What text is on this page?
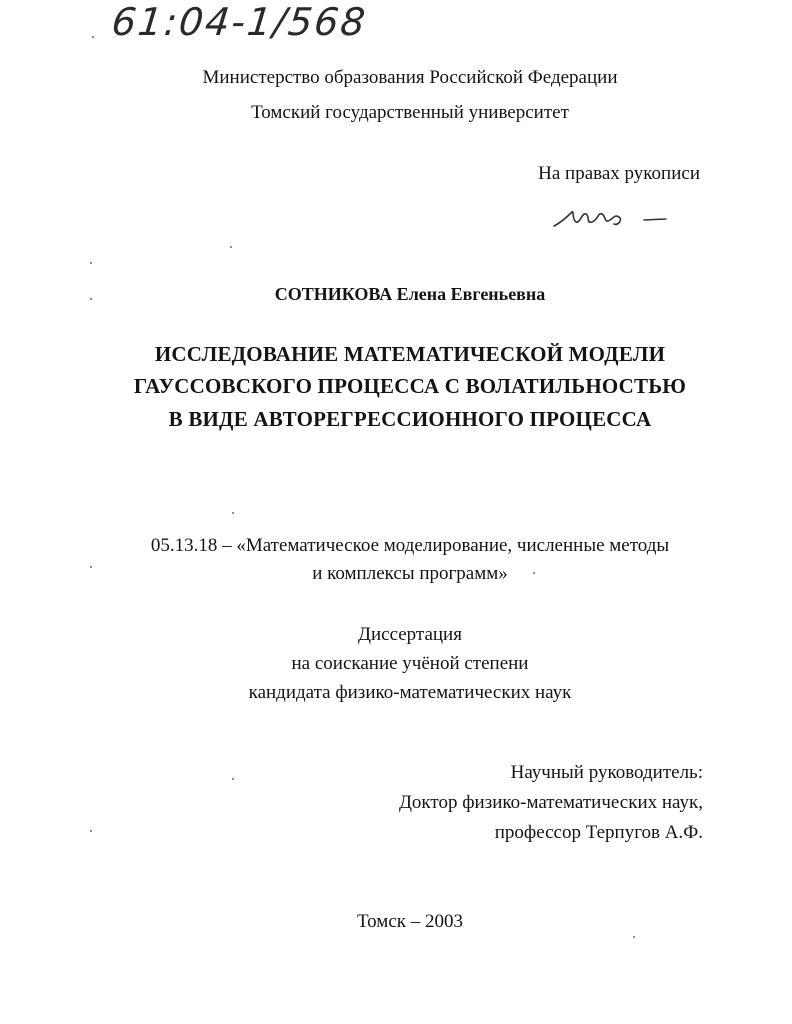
61:04-1/568
Министерство образования Российской Федерации
Томский государственный университет
На правах рукописи
СОТНИКОВА Елена Евгеньевна
ИССЛЕДОВАНИЕ МАТЕМАТИЧЕСКОЙ МОДЕЛИ
ГАУССОВСКОГО ПРОЦЕССА С ВОЛАТИЛЬНОСТЬЮ
В ВИДЕ АВТОРЕГРЕССИОННОГО ПРОЦЕССА
05.13.18 – «Математическое моделирование, численные методы
и комплексы программ»
Диссертация
на соискание учёной степени
кандидата физико-математических наук
Научный руководитель:
Доктор физико-математических наук,
профессор Терпугов А.Ф.
Томск – 2003
